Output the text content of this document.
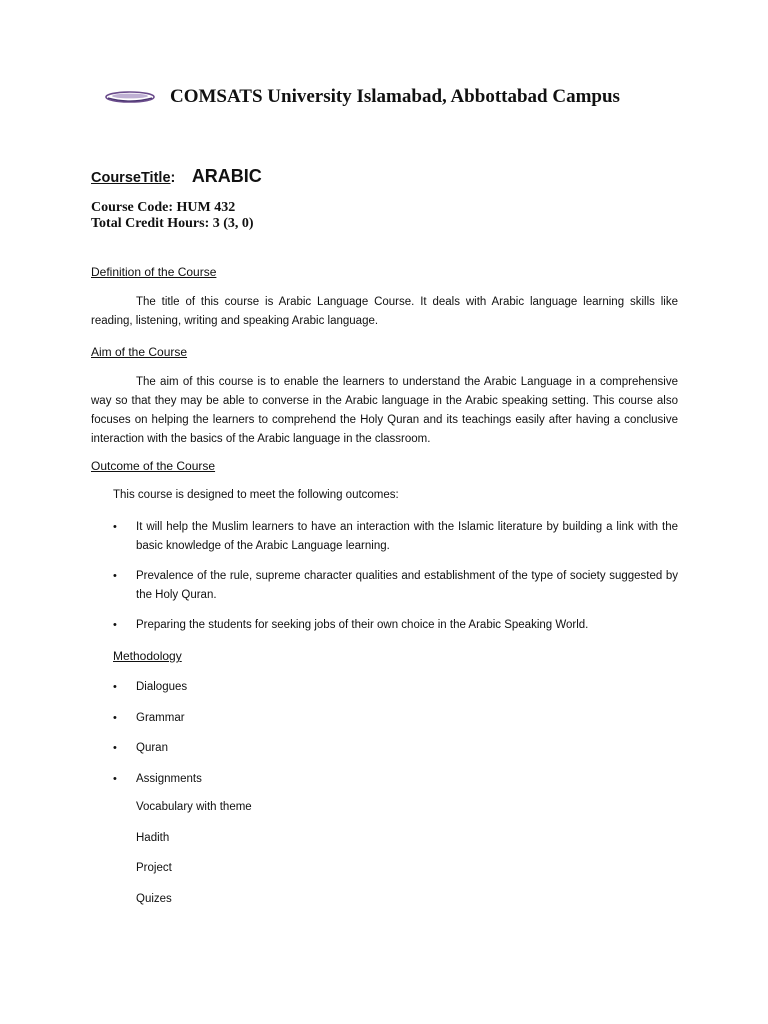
COMSATS University Islamabad, Abbottabad Campus
CourseTitle: ARABIC
Course Code: HUM 432
Total Credit Hours: 3 (3, 0)
Definition of the Course

The title of this course is Arabic Language Course. It deals with Arabic language learning skills like reading, listening, writing and speaking Arabic language.

Aim of the Course

The aim of this course is to enable the learners to understand the Arabic Language in a comprehensive way so that they may be able to converse in the Arabic language in the Arabic speaking setting. This course also focuses on helping the learners to comprehend the Holy Quran and its teachings easily after having a conclusive interaction with the basics of the Arabic language in the classroom.

Outcome of the Course
This course is designed to meet the following outcomes:
•	It will help the Muslim learners to have an interaction with the Islamic literature by building a link with the basic knowledge of the Arabic Language learning.
•	Prevalence of the rule, supreme character qualities and establishment of the type of society suggested by the Holy Quran.
•	Preparing the students for seeking jobs of their own choice in the Arabic Speaking World.
Methodology
• Dialogues
• Grammar
• Quran
• Assignments
Vocabulary with theme
Hadith
Project
Quizes
